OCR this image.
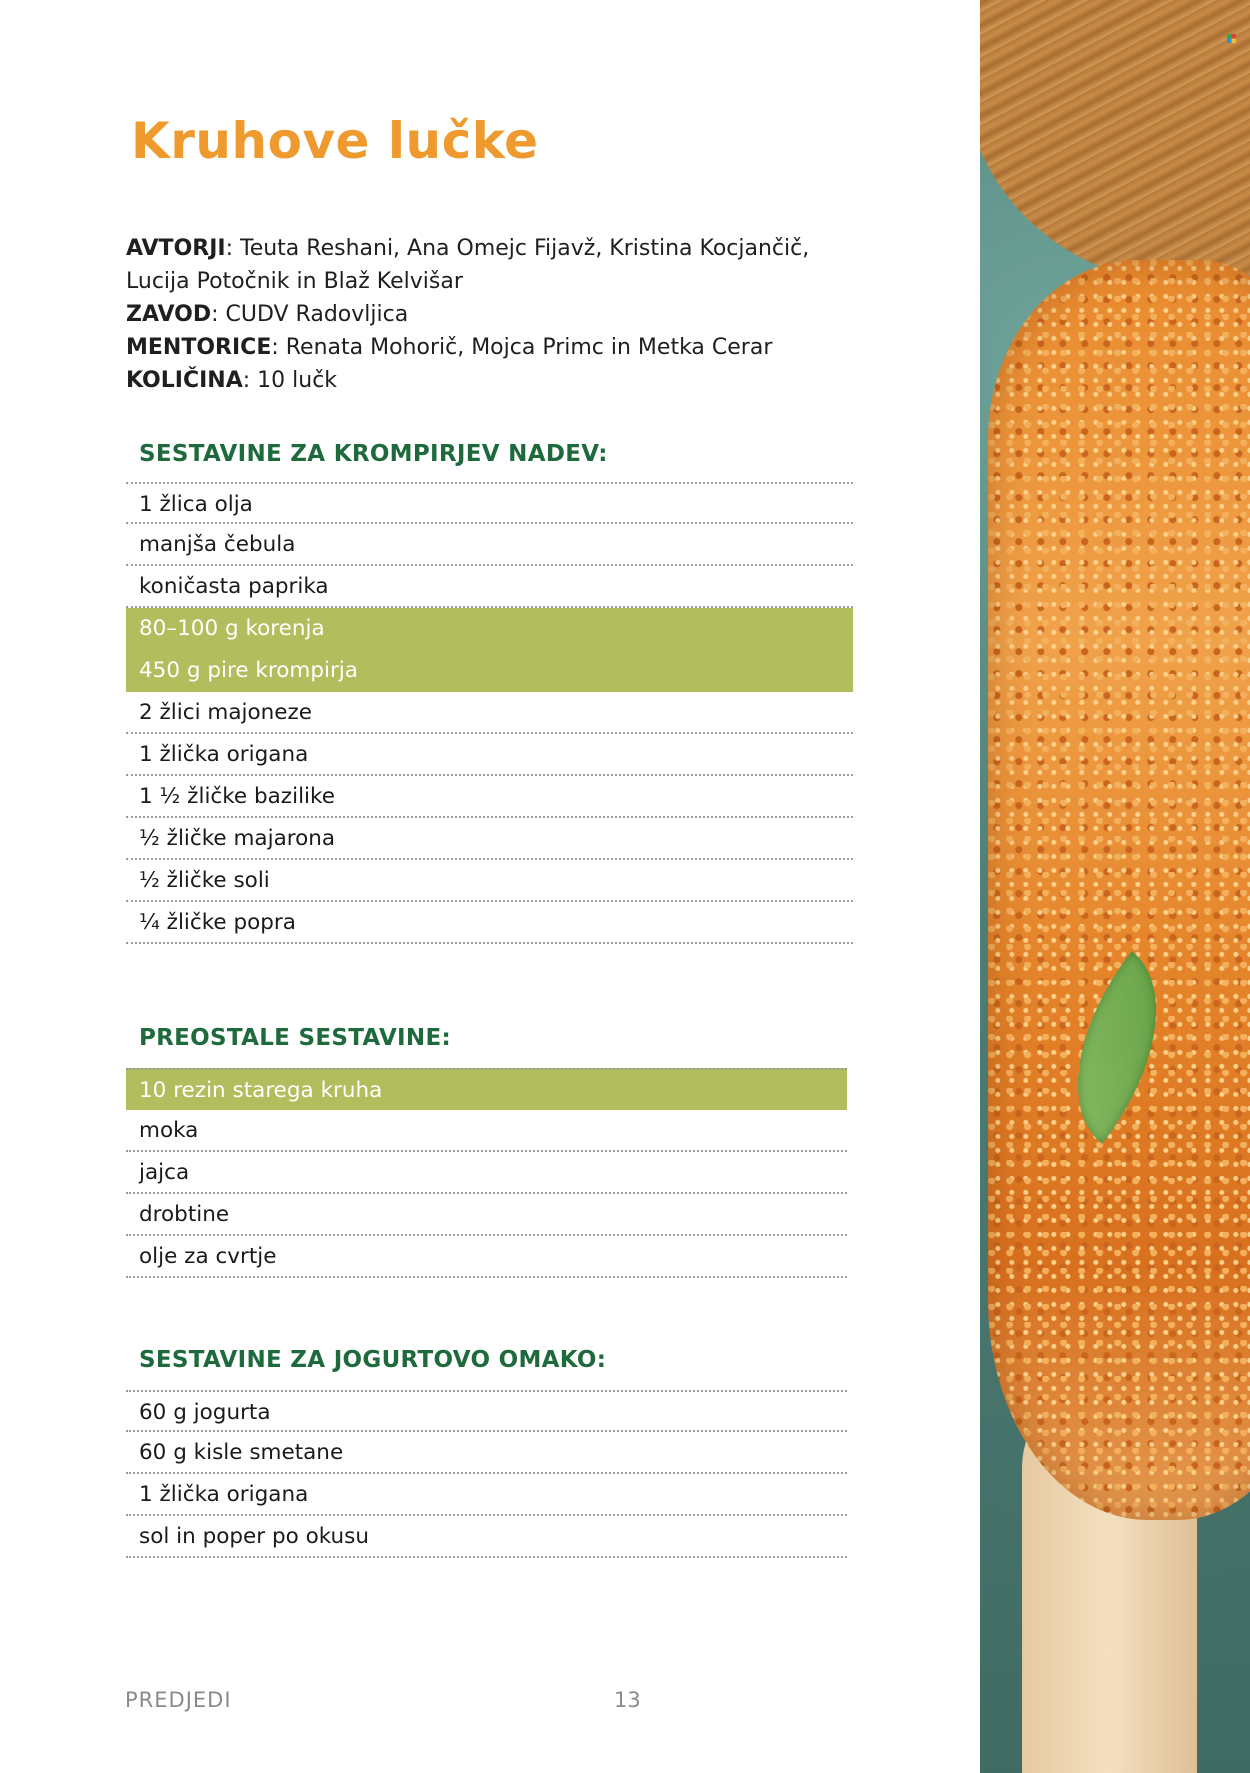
Kruhove lučke
AVTORJI: Teuta Reshani, Ana Omejc Fijavž, Kristina Kocjančič, Lucija Potočnik in Blaž Kelvišar
ZAVOD: CUDV Radovljica
MENTORICE: Renata Mohorič, Mojca Primc in Metka Cerar
KOLIČINA: 10 lučk
SESTAVINE ZA KROMPIRJEV NADEV:
1 žlica olja
manjša čebula
koničasta paprika
80–100 g korenja
450 g pire krompirja
2 žlici majoneze
1 žlička origana
1 ½ žličke bazilike
½ žličke majarona
½ žličke soli
¼ žličke popra
PREOSTALE SESTAVINE:
10 rezin starega kruha
moka
jajca
drobtine
olje za cvrtje
SESTAVINE ZA JOGURTOVO OMAKO:
60 g jogurta
60 g kisle smetane
1 žlička origana
sol in poper po okusu
PREDJEDI	13
